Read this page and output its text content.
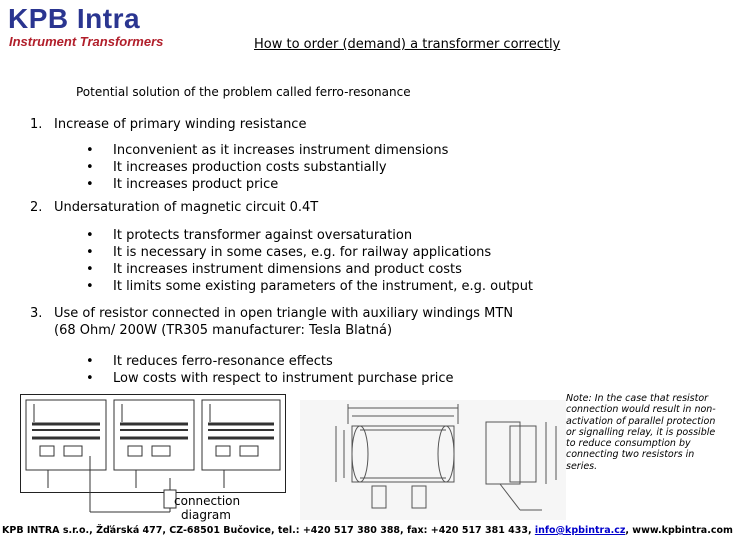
KPB Intra
Instrument Transformers	How to order (demand) a transformer correctly
Potential solution of the problem called ferro-resonance
1. Increase of primary winding resistance
• Inconvenient as it increases instrument dimensions
• It increases production costs substantially
• It increases product price
2. Undersaturation of magnetic circuit 0.4T
• It protects transformer against oversaturation
• It is necessary in some cases, e.g. for railway applications
• It increases instrument dimensions and product costs
• It limits some existing parameters of the instrument, e.g. output
3. Use of resistor connected in open triangle with auxiliary windings MTN
(68 Ohm/ 200W (TR305 manufacturer: Tesla Blatná)
• It reduces ferro-resonance effects
• Low costs with respect to instrument purchase price
connection
diagram
Note: In the case that resistor connection would result in non-activation of parallel protection or signalling relay, it is possible to reduce consumption by connecting two resistors in series.
KPB INTRA s.r.o., Žďárská 477, CZ-68501 Bučovice, tel.: +420 517 380 388, fax: +420 517 381 433, info@kpbintra.cz, www.kpbintra.com
